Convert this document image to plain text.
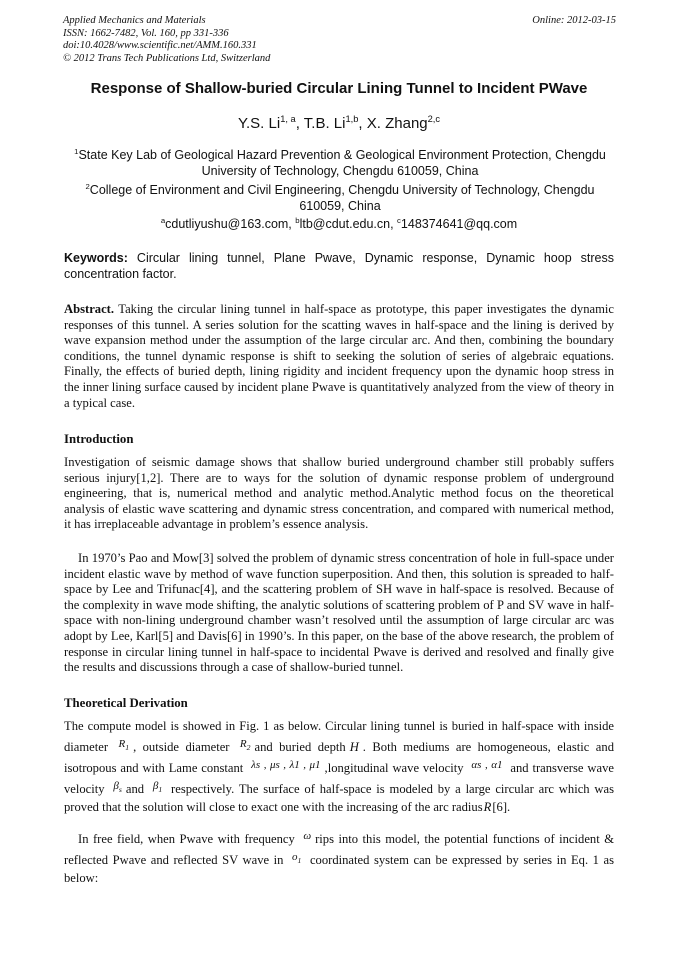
Applied Mechanics and Materials
ISSN: 1662-7482, Vol. 160, pp 331-336
doi:10.4028/www.scientific.net/AMM.160.331
© 2012 Trans Tech Publications Ltd, Switzerland
Online: 2012-03-15
Response of Shallow-buried Circular Lining Tunnel to Incident PWave
Y.S. Li$^{1, a}$, T.B. Li$^{1,b}$, X. Zhang$^{2,c}$
$^1$State Key Lab of Geological Hazard Prevention & Geological Environment Protection, Chengdu University of Technology, Chengdu 610059, China
$^2$College of Environment and Civil Engineering, Chengdu University of Technology, Chengdu 610059, China
$^a$cdutliyushu@163.com, $^b$ltb@cdut.edu.cn, $^c$148374641@qq.com
Keywords: Circular lining tunnel, Plane Pwave, Dynamic response, Dynamic hoop stress concentration factor.
Abstract. Taking the circular lining tunnel in half-space as prototype, this paper investigates the dynamic responses of this tunnel. A series solution for the scatting waves in half-space and the lining is derived by wave expansion method under the assumption of the large circular arc. And then, combining the boundary conditions, the tunnel dynamic response is shift to seeking the solution of series of algebraic equations. Finally, the effects of buried depth, lining rigidity and incident frequency upon the dynamic hoop stress in the inner lining surface caused by incident plane Pwave is quantitatively analyzed from the view of theory in a typical case.
Introduction
Investigation of seismic damage shows that shallow buried underground chamber still probably suffers serious injury[1,2]. There are to ways for the solution of dynamic response problem of underground engineering, that is, numerical method and analytic method.Analytic method focus on the theoretical analysis of elastic wave scattering and dynamic stress concentration, and compared with numerical method, it has irreplaceable advantage in problem’s essence analysis.
In 1970’s Pao and Mow[3] solved the problem of dynamic stress concentration of hole in full-space under incident elastic wave by method of wave function superposition. And then, this solution is spreaded to half-space by Lee and Trifunac[4], and the scattering problem of SH wave in half-space is resolved. Because of the complexity in wave mode shifting, the analytic solutions of scattering problem of P and SV wave in half-space with non-lining underground chamber wasn’t resolved until the assumption of large circular arc was adopt by Lee, Karl[5] and Davis[6] in 1990’s. In this paper, on the base of the above research, the problem of response in circular lining tunnel in half-space to incidental Pwave is derived and resolved and finally give the results and discussions through a case of shallow-buried tunnel.
Theoretical Derivation
The compute model is showed in Fig. 1 as below. Circular lining tunnel is buried in half-space with inside diameter $R_1$ , outside diameter $R_2$ and buried depth H . Both mediums are homogeneous, elastic and isotropous and with Lame constant λs , μs , λ1 , μ1 ,longitudinal wave velocity αs , α1 and transverse wave velocity $\beta_s$ and $\beta_1$ respectively. The surface of half-space is modeled by a large circular arc which was proved that the solution will close to exact one with the increasing of the arc radiusR[6].
In free field, when Pwave with frequency ω rips into this model, the potential functions of incident & reflected Pwave and reflected SV wave in $o_1$ coordinated system can be expressed by series in Eq. 1 as below:
